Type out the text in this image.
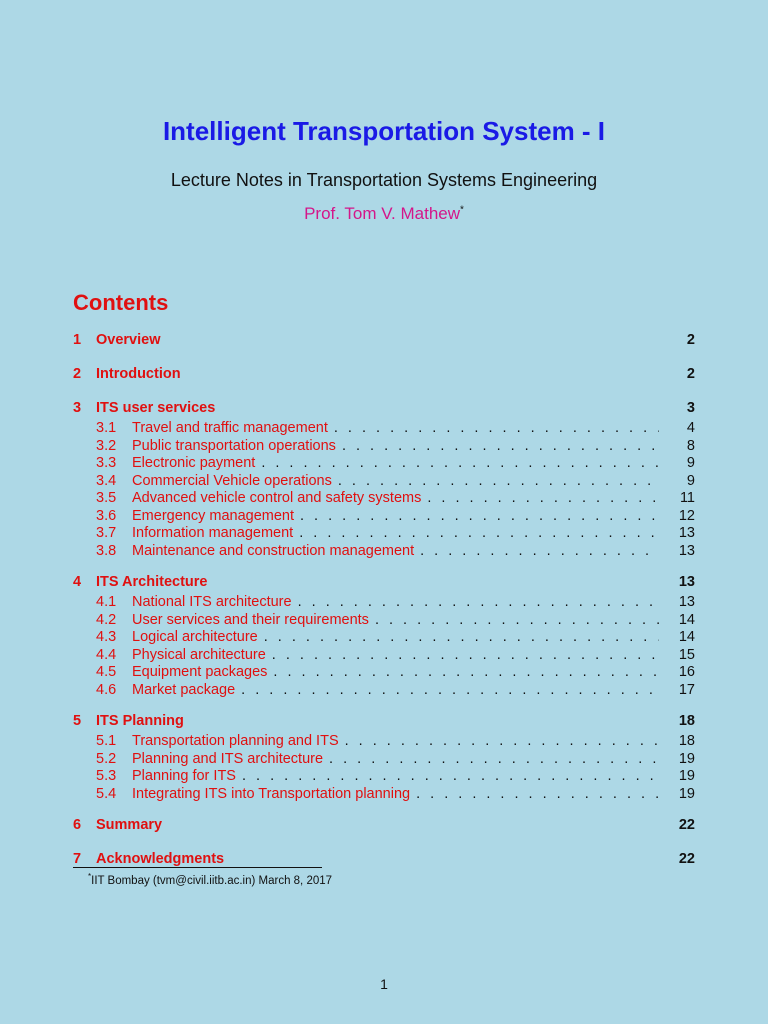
Intelligent Transportation System - I

Lecture Notes in Transportation Systems Engineering

Prof. Tom V. Mathew*

Contents
1	Overview	2
2	Introduction	2
3	ITS user services	3
3.1	Travel and traffic management . . .	4
3.2	Public transportation operations . . .	8
3.3	Electronic payment . . .	9
3.4	Commercial Vehicle operations . . .	9
3.5	Advanced vehicle control and safety systems . . .	11
3.6	Emergency management . . .	12
3.7	Information management . . .	13
3.8	Maintenance and construction management . . .	13
4	ITS Architecture	13
4.1	National ITS architecture . . .	13
4.2	User services and their requirements . . .	14
4.3	Logical architecture . . .	14
4.4	Physical architecture . . .	15
4.5	Equipment packages . . .	16
4.6	Market package . . .	17
5	ITS Planning	18
5.1	Transportation planning and ITS . . .	18
5.2	Planning and ITS architecture . . .	19
5.3	Planning for ITS . . .	19
5.4	Integrating ITS into Transportation planning . . .	19
6	Summary	22
7	Acknowledgments	22

*IIT Bombay (tvm@civil.iitb.ac.in) March 8, 2017

1
